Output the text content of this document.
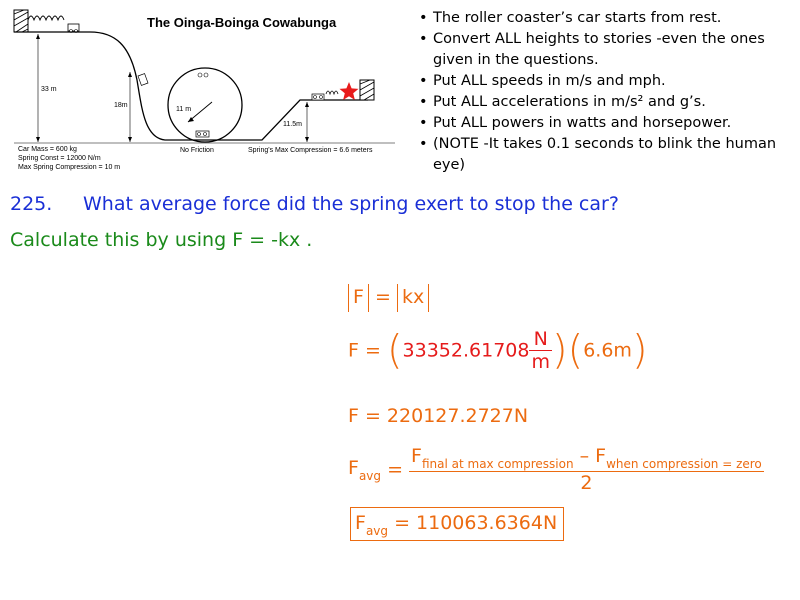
The Oinga-Boinga Cowabunga
33 m
18m
11 m
11.5m
No Friction	Spring's Max Compression = 6.6 meters
Car Mass = 600 kg
Spring Const = 12000 N/m
Max Spring Compression = 10 m
• The roller coaster’s car starts from rest.
• Convert ALL heights to stories -even the ones given in the questions.
• Put ALL speeds in m/s and mph.
• Put ALL accelerations in m/s² and g’s.
• Put ALL powers in watts and horsepower.
• (NOTE -It takes 0.1 seconds to blink the human eye)
225. What average force did the spring exert to stop the car?
Calculate this by using F = -kx .
F = kx
$F = (33352.61708 \frac{N}{m} )(6.6m)$
F = 220127.2727N
$F_{avg} = \frac{F_{final at max compression} - F_{when compression = zero}}{2}$
$F_{avg} = 110063.6364N$
